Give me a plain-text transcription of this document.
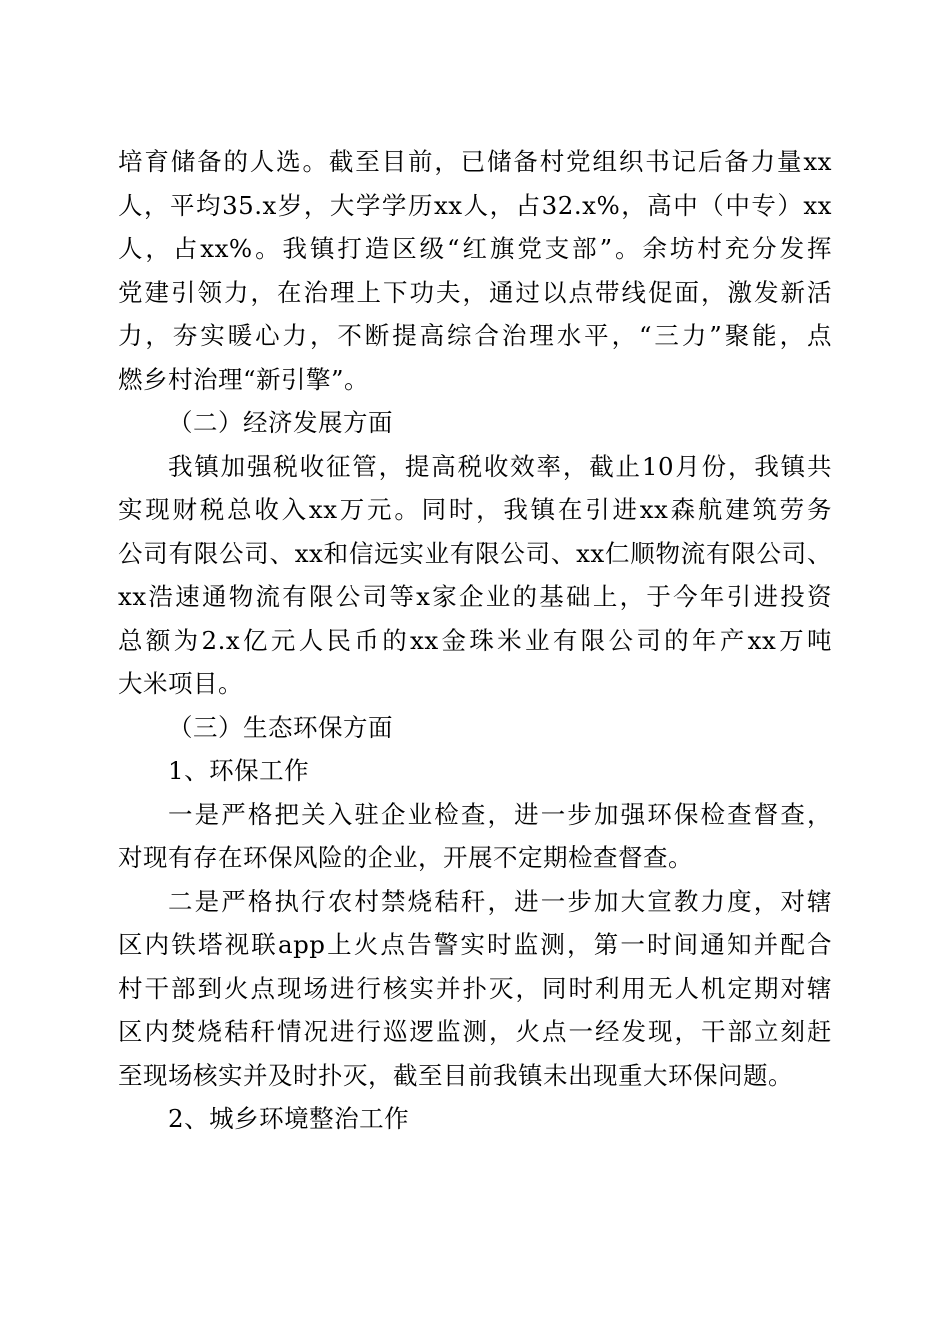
培育储备的人选。截至目前，已储备村党组织书记后备力量xx
人，平均35.x岁，大学学历xx人，占32.x%，高中（中专）xx
人，占xx%。我镇打造区级“红旗党支部”。余坊村充分发挥
党建引领力，在治理上下功夫，通过以点带线促面，激发新活
力，夯实暖心力，不断提高综合治理水平，“三力”聚能，点
燃乡村治理“新引擎”。
（二）经济发展方面
我镇加强税收征管，提高税收效率，截止10月份，我镇共
实现财税总收入xx万元。同时，我镇在引进xx森航建筑劳务
公司有限公司、xx和信远实业有限公司、xx仁顺物流有限公司、
xx浩速通物流有限公司等x家企业的基础上，于今年引进投资
总额为2.x亿元人民币的xx金珠米业有限公司的年产xx万吨
大米项目。
（三）生态环保方面
1、环保工作
一是严格把关入驻企业检查，进一步加强环保检查督查，
对现有存在环保风险的企业，开展不定期检查督查。
二是严格执行农村禁烧秸秆，进一步加大宣教力度，对辖
区内铁塔视联app上火点告警实时监测，第一时间通知并配合
村干部到火点现场进行核实并扑灭，同时利用无人机定期对辖
区内焚烧秸秆情况进行巡逻监测，火点一经发现，干部立刻赶
至现场核实并及时扑灭，截至目前我镇未出现重大环保问题。
2、城乡环境整治工作
